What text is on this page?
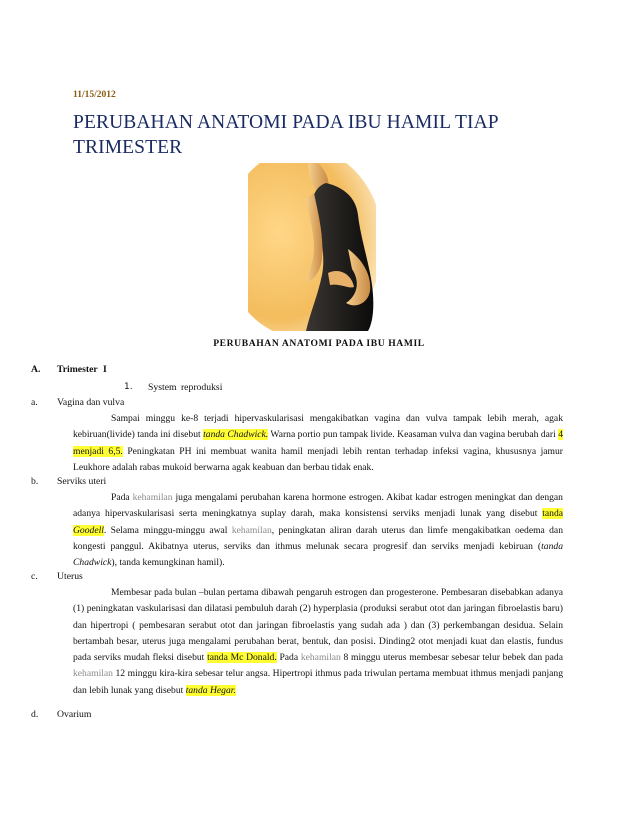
11/15/2012
PERUBAHAN ANATOMI PADA IBU HAMIL TIAP TRIMESTER
PERUBAHAN ANATOMI PADA IBU HAMIL
A. Trimester I
1. System reproduksi
a. Vagina dan vulva

Sampai minggu ke-8 terjadi hipervaskularisasi mengakibatkan vagina dan vulva tampak lebih merah, agak kebiruan(livide) tanda ini disebut tanda Chadwick. Warna portio pun tampak livide. Keasaman vulva dan vagina berubah dari 4 menjadi 6,5. Peningkatan PH ini membuat wanita hamil menjadi lebih rentan terhadap infeksi vagina, khususnya jamur Leukhore adalah rabas mukoid berwarna agak keabuan dan berbau tidak enak.

b. Serviks uteri

Pada kehamilan juga mengalami perubahan karena hormone estrogen. Akibat kadar estrogen meningkat dan dengan adanya hipervaskularisasi serta meningkatnya suplay darah, maka konsistensi serviks menjadi lunak yang disebut tanda Goodell. Selama minggu-minggu awal kehamilan, peningkatan aliran darah uterus dan limfe mengakibatkan oedema dan kongesti panggul. Akibatnya uterus, serviks dan ithmus melunak secara progresif dan serviks menjadi kebiruan (tanda Chadwick), tanda kemungkinan hamil).

c. Uterus

Membesar pada bulan –bulan pertama dibawah pengaruh estrogen dan progesterone. Pembesaran disebabkan adanya (1) peningkatan vaskularisasi dan dilatasi pembuluh darah (2) hyperplasia (produksi serabut otot dan jaringan fibroelastis baru) dan hipertropi ( pembesaran serabut otot dan jaringan fibroelastis yang sudah ada ) dan (3) perkembangan desidua. Selain bertambah besar, uterus juga mengalami perubahan berat, bentuk, dan posisi. Dinding2 otot menjadi kuat dan elastis, fundus pada serviks mudah fleksi disebut tanda Mc Donald. Pada kehamilan 8 minggu uterus membesar sebesar telur bebek dan pada kehamilan 12 minggu kira-kira sebesar telur angsa. Hipertropi ithmus pada triwulan pertama membuat ithmus menjadi panjang dan lebih lunak yang disebut tanda Hegar.

d. Ovarium
